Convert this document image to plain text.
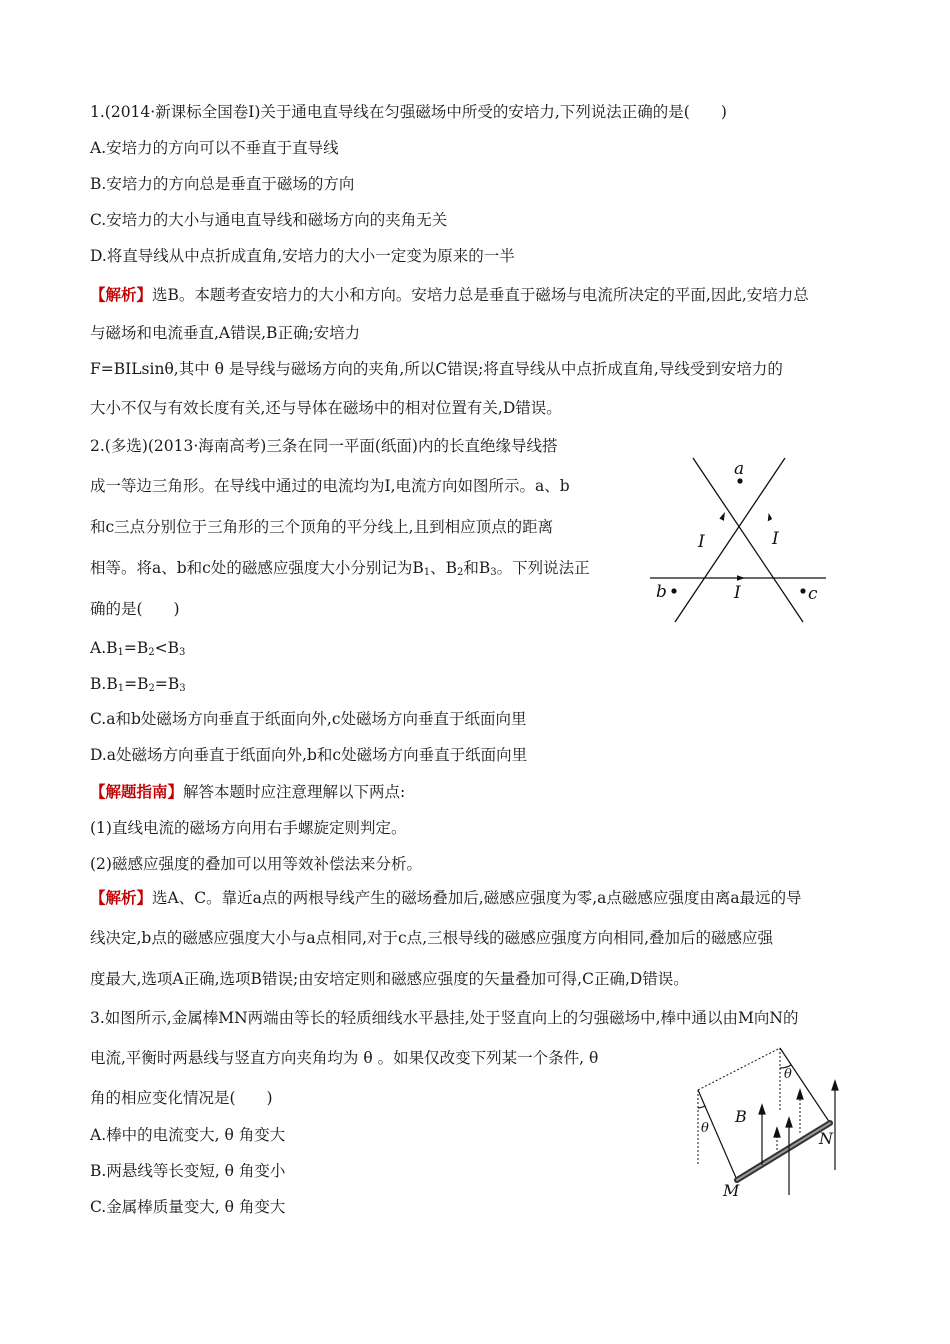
1.(2014·新课标全国卷Ⅰ)关于通电直导线在匀强磁场中所受的安培力,下列说法正确的是(　　)
A.安培力的方向可以不垂直于直导线
B.安培力的方向总是垂直于磁场的方向
C.安培力的大小与通电直导线和磁场方向的夹角无关
D.将直导线从中点折成直角,安培力的大小一定变为原来的一半
【解析】选B。本题考查安培力的大小和方向。安培力总是垂直于磁场与电流所决定的平面,因此,安培力总
与磁场和电流垂直,A错误,B正确;安培力
F=BILsinθ,其中 θ 是导线与磁场方向的夹角,所以C错误;将直导线从中点折成直角,导线受到安培力的
大小不仅与有效长度有关,还与导体在磁场中的相对位置有关,D错误。
2.(多选)(2013·海南高考)三条在同一平面(纸面)内的长直绝缘导线搭
成一等边三角形。在导线中通过的电流均为I,电流方向如图所示。a、b
和c三点分别位于三角形的三个顶角的平分线上,且到相应顶点的距离
相等。将a、b和c处的磁感应强度大小分别记为$B_1$、$B_2$和$B_3$。下列说法正
确的是(　　)
$A.B_1=B_2<B_3$
$B.B_1=B_2=B_3$
C.a和b处磁场方向垂直于纸面向外,c处磁场方向垂直于纸面向里
D.a处磁场方向垂直于纸面向外,b和c处磁场方向垂直于纸面向里
【解题指南】解答本题时应注意理解以下两点:
(1)直线电流的磁场方向用右手螺旋定则判定。
(2)磁感应强度的叠加可以用等效补偿法来分析。
【解析】选A、C。靠近a点的两根导线产生的磁场叠加后,磁感应强度为零,a点磁感应强度由离a最远的导
线决定,b点的磁感应强度大小与a点相同,对于c点,三根导线的磁感应强度方向相同,叠加后的磁感应强
度最大,选项A正确,选项B错误;由安培定则和磁感应强度的矢量叠加可得,C正确,D错误。
a
b	c
I	I
I
3.如图所示,金属棒MN两端由等长的轻质细线水平悬挂,处于竖直向上的匀强磁场中,棒中通以由M向N的
电流,平衡时两悬线与竖直方向夹角均为 θ 。如果仅改变下列某一个条件, θ
角的相应变化情况是(　　)
A.棒中的电流变大, θ 角变大
B.两悬线等长变短, θ 角变小
C.金属棒质量变大, θ 角变大
B
M
N
θ
θ
